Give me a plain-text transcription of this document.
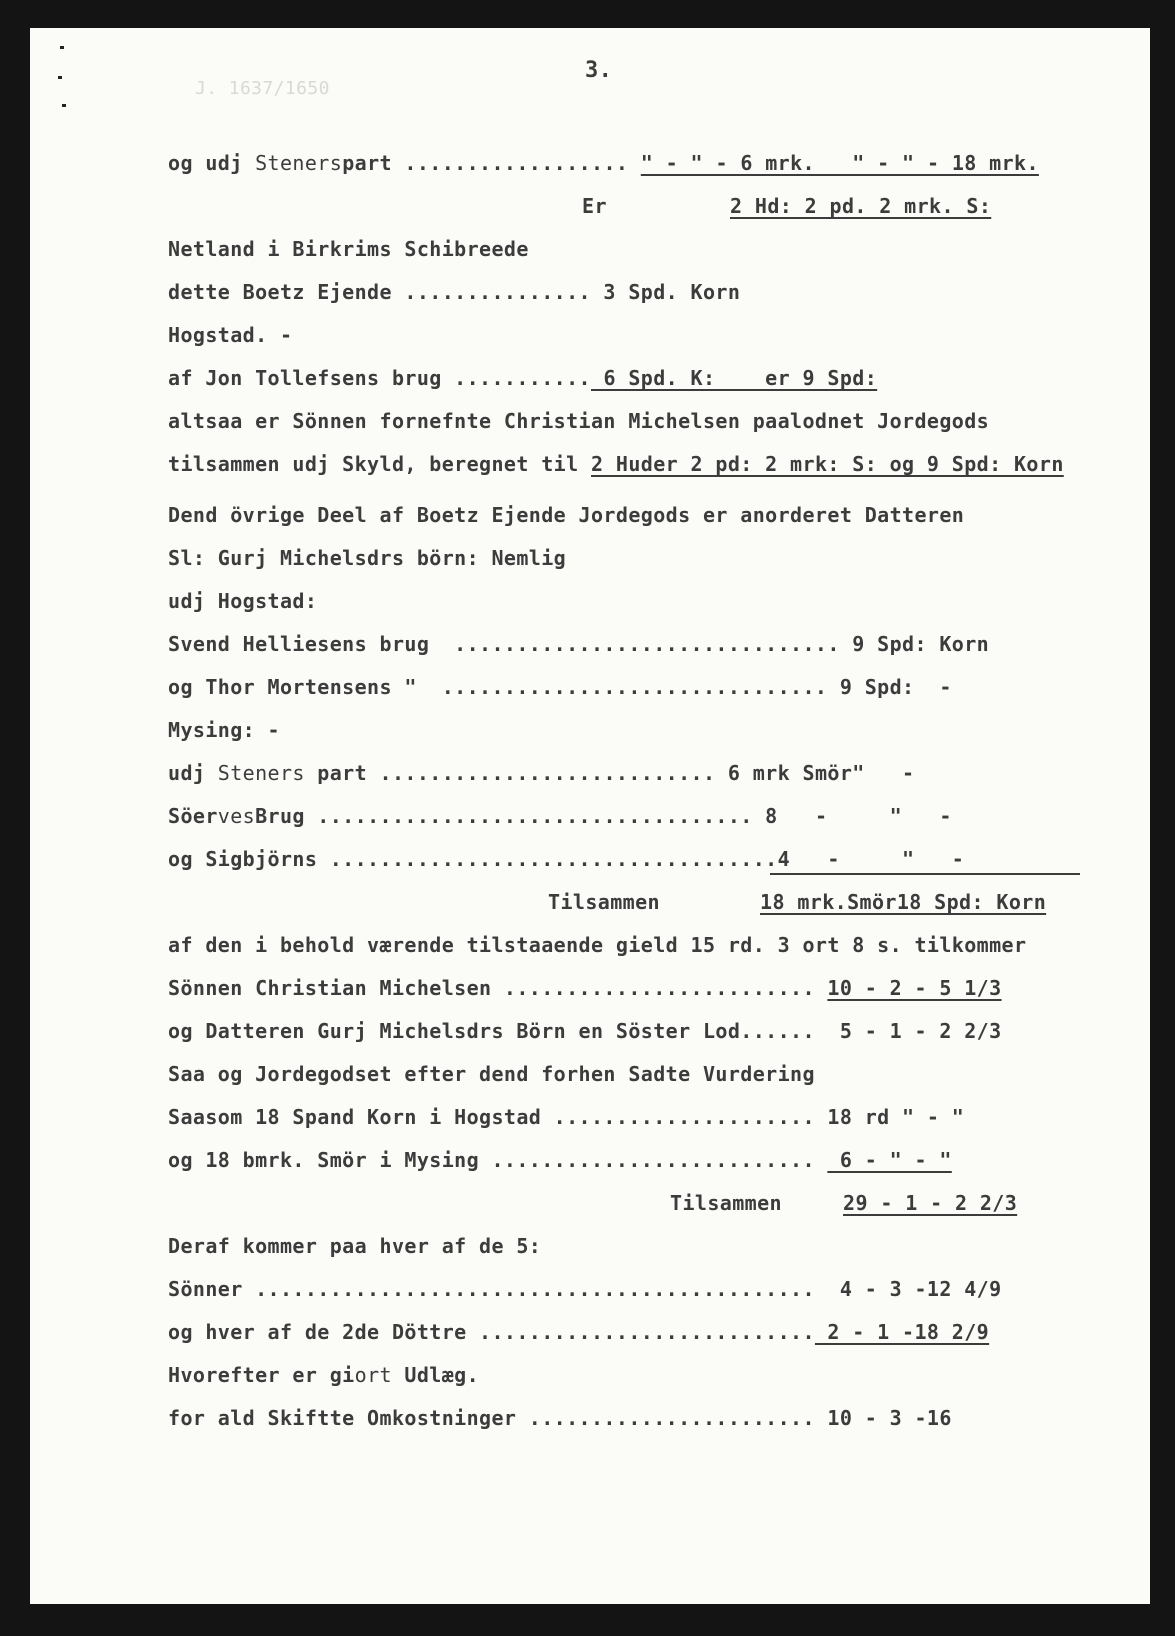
J. 1637/1650
3.
og udj Stenerspart .................. " - " - 6 mrk.   " - " - 18 mrk.
Er	2 Hd: 2 pd. 2 mrk. S:
Netland i Birkrims Schibreede
dette Boetz Ejende ............... 3 Spd. Korn
Hogstad. -
af Jon Tollefsens brug ........... 6 Spd. K:    er 9 Spd:
altsaa er Sönnen fornefnte Christian Michelsen paalodnet Jordegods
tilsammen udj Skyld, beregnet til 2 Huder 2 pd: 2 mrk: S: og 9 Spd: Korn
Dend övrige Deel af Boetz Ejende Jordegods er anorderet Datteren
Sl: Gurj Michelsdrs börn: Nemlig
udj Hogstad:
Svend Helliesens brug  ............................... 9 Spd: Korn
og Thor Mortensens "  ............................... 9 Spd:  -
Mysing: -
udj Steners part ........................... 6 mrk Smör"   -
SöervesBrug ................................... 8   -     "   -
og Sigbjörns ....................................4   -     "   -
Tilsammen	18 mrk.Smör18 Spd: Korn
af den i behold værende tilstaaende gield 15 rd. 3 ort 8 s. tilkommer
Sönnen Christian Michelsen ......................... 10 - 2 - 5 1/3
og Datteren Gurj Michelsdrs Börn en Söster Lod......  5 - 1 - 2 2/3
Saa og Jordegodset efter dend forhen Sadte Vurdering
Saasom 18 Spand Korn i Hogstad ..................... 18 rd " - "
og 18 bmrk. Smör i Mysing ..........................  6 - " - "
Tilsammen	29 - 1 - 2 2/3
Deraf kommer paa hver af de 5:
Sönner .............................................  4 - 3 -12 4/9
og hver af de 2de Döttre ........................... 2 - 1 -18 2/9
Hvorefter er giort Udlæg.
for ald Skiftte Omkostninger ....................... 10 - 3 -16
